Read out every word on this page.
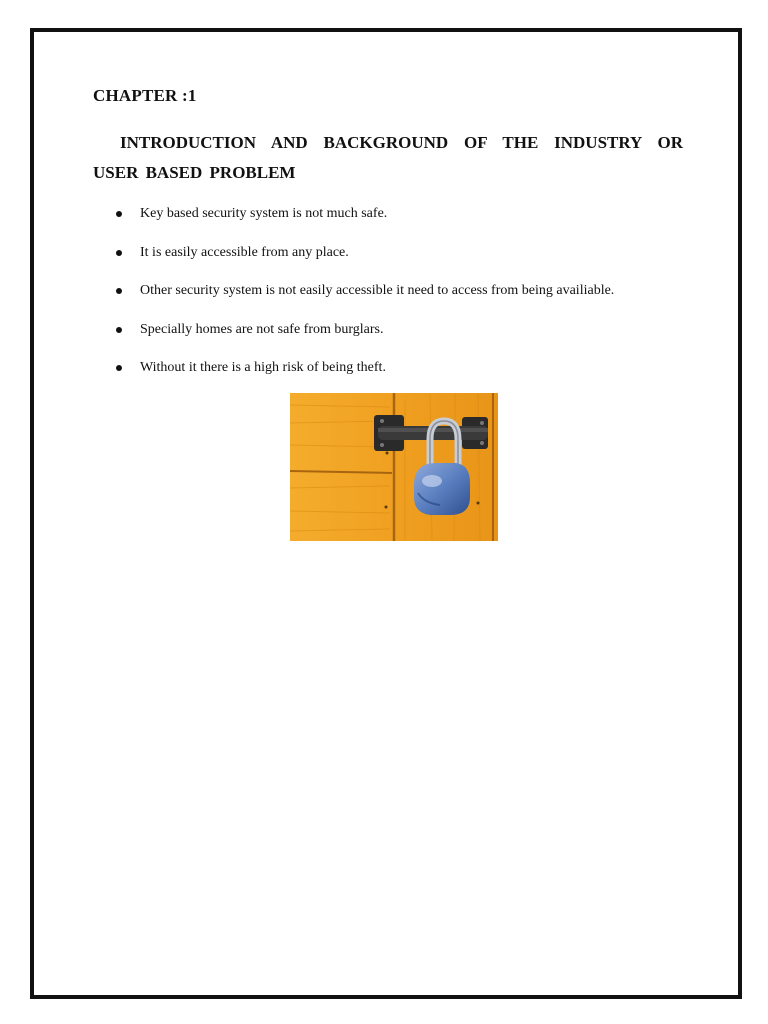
CHAPTER :1
INTRODUCTION AND BACKGROUND OF THE INDUSTRY OR USER BASED PROBLEM
Key based security system is not much safe.
It is easily accessible from any place.
Other security system is not easily accessible it need to access from being availiable.
Specially homes are not safe from burglars.
Without it there is a high risk of being theft.
